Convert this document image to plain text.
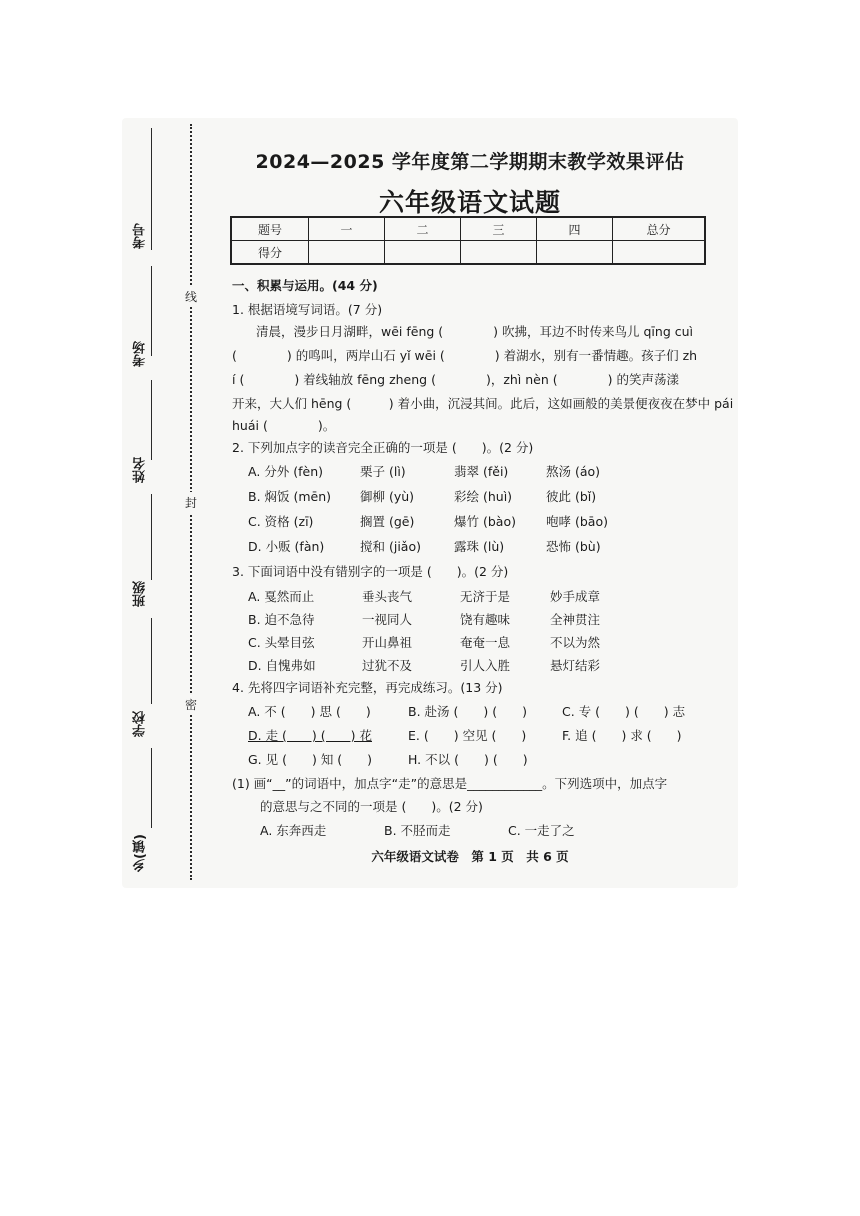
考号
考场
姓名
班级
学校
乡(镇)
线
封
密
2024—2025 学年度第二学期期末教学效果评估
六年级语文试题
题号	一	二	三	四	总分
得分					
一、积累与运用。(44 分)
1. 根据语境写词语。(7 分)
清晨，漫步日月湖畔，wēi fēng (　　　　) 吹拂，耳边不时传来鸟儿 qīng cuì
(　　　　) 的鸣叫，两岸山石 yǐ wēi (　　　　) 着湖水，别有一番情趣。孩子们 zh
í (　　　　) 着线轴放 fēng zheng (　　　　)，zhì nèn (　　　　) 的笑声荡漾
开来，大人们 hēng (　　　) 着小曲，沉浸其间。此后，这如画般的美景便夜夜在梦中 pái
huái (　　　　)。
2. 下列加点字的读音完全正确的一项是 (　　)。(2 分)
A. 分外 (fèn)	栗子 (lì)	翡翠 (fěi)	熬汤 (áo)
B. 焖饭 (mēn) 御柳 (yù)	彩绘 (huì)	彼此 (bǐ)
C. 资格 (zī)	搁置 (gē)	爆竹 (bào) 咆哮 (bāo)
D. 小贩 (fàn)	搅和 (jiǎo)	露珠 (lù)	恐怖 (bù)
3. 下面词语中没有错别字的一项是 (　　)。(2 分)
A. 戛然而止	垂头丧气	无济于是	妙手成章
B. 迫不急待	一视同人	饶有趣味	全神贯注
C. 头晕目弦	开山鼻祖	奄奄一息	不以为然
D. 自愧弗如	过犹不及	引人入胜	悬灯结彩
4. 先将四字词语补充完整，再完成练习。(13 分)
A. 不 (　　) 思 (　　)	B. 赴汤 (　　) (　　)	C. 专 (　　) (　　) 志
D. 走 (　　) (　　) 花	E. (　　) 空见 (　　)	F. 追 (　　) 求 (　　)
G. 见 (　　) 知 (　　)	H. 不以 (　　) (　　)
(1) 画“__”的词语中，加点字“走”的意思是____________。下列选项中，加点字
的意思与之不同的一项是 (　　)。(2 分)
A. 东奔西走	B. 不胫而走	C. 一走了之
六年级语文试卷　第 1 页　共 6 页
